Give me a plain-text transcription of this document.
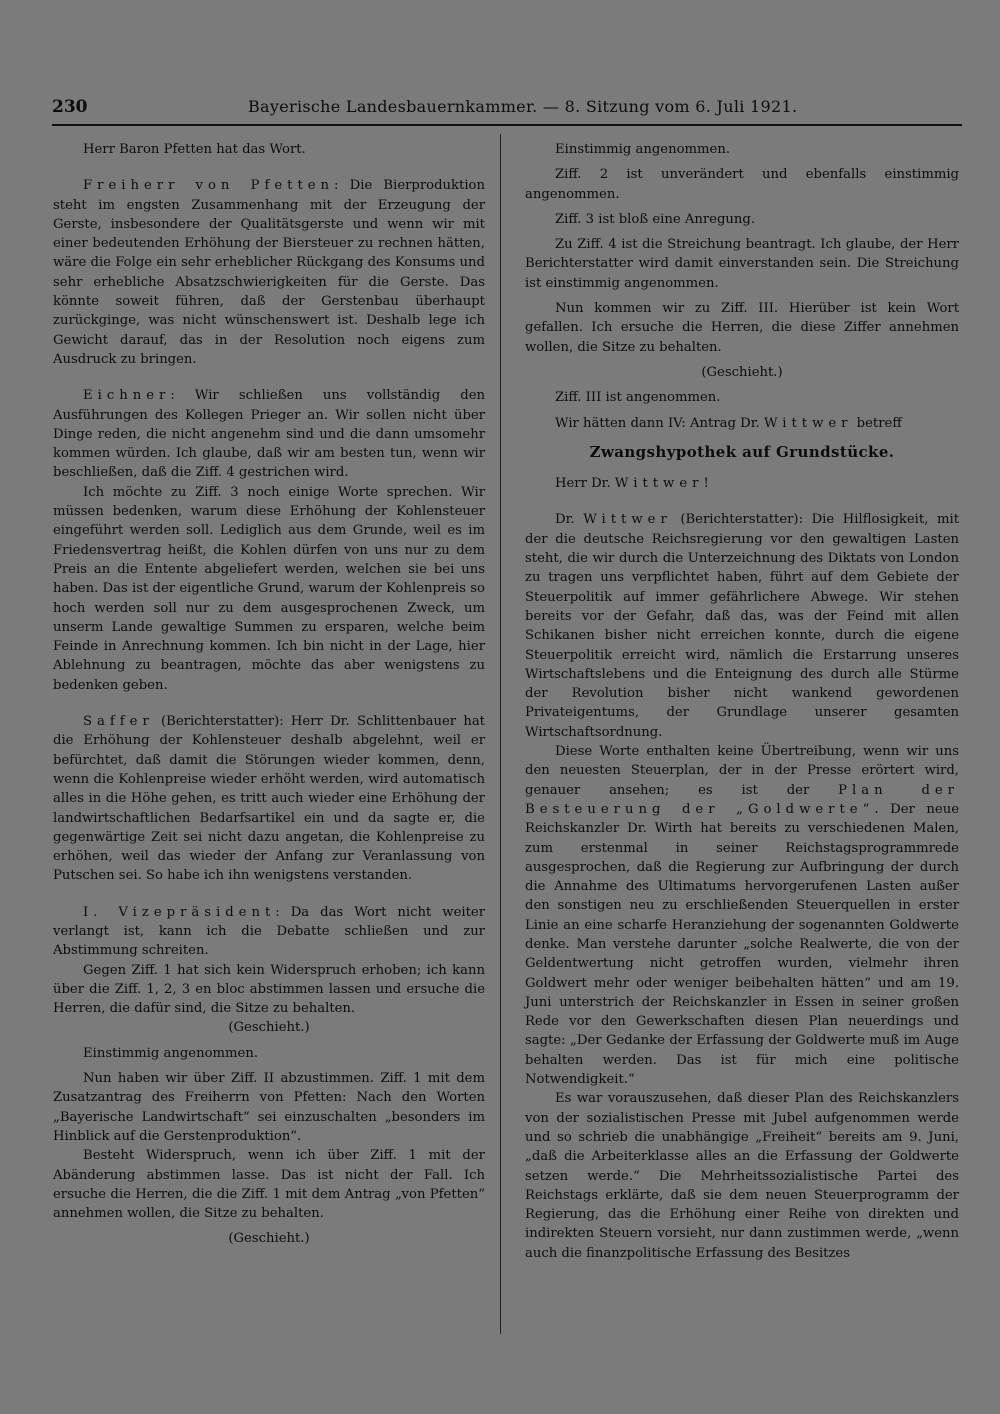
230	Bayerische Landesbauernkammer. — 8. Sitzung vom 6. Juli 1921.

Herr Baron Pfetten hat das Wort.

Freiherr von Pfetten: Die Bierproduktion steht im engsten Zusammenhang mit der Erzeugung der Gerste, insbesondere der Qualitätsgerste und wenn wir mit einer bedeutenden Erhöhung der Biersteuer zu rechnen hätten, wäre die Folge ein sehr erheblicher Rückgang des Konsums und sehr erhebliche Absatzschwierigkeiten für die Gerste. Das könnte soweit führen, daß der Gerstenbau überhaupt zurückginge, was nicht wünschenswert ist. Deshalb lege ich Gewicht darauf, das in der Resolution noch eigens zum Ausdruck zu bringen.

Eichner: Wir schließen uns vollständig den Ausführungen des Kollegen Prieger an. Wir sollen nicht über Dinge reden, die nicht angenehm sind und die dann umsomehr kommen würden. Ich glaube, daß wir am besten tun, wenn wir beschließen, daß die Ziff. 4 gestrichen wird.

Ich möchte zu Ziff. 3 noch einige Worte sprechen. Wir müssen bedenken, warum diese Erhöhung der Kohlensteuer eingeführt werden soll. Lediglich aus dem Grunde, weil es im Friedensvertrag heißt, die Kohlen dürfen von uns nur zu dem Preis an die Entente abgeliefert werden, welchen sie bei uns haben. Das ist der eigentliche Grund, warum der Kohlenpreis so hoch werden soll nur zu dem ausgesprochenen Zweck, um unserm Lande gewaltige Summen zu ersparen, welche beim Feinde in Anrechnung kommen. Ich bin nicht in der Lage, hier Ablehnung zu beantragen, möchte das aber wenigstens zu bedenken geben.

Saffer (Berichterstatter): Herr Dr. Schlittenbauer hat die Erhöhung der Kohlensteuer deshalb abgelehnt, weil er befürchtet, daß damit die Störungen wieder kommen, denn, wenn die Kohlenpreise wieder erhöht werden, wird automatisch alles in die Höhe gehen, es tritt auch wieder eine Erhöhung der landwirtschaftlichen Bedarfsartikel ein und da sagte er, die gegenwärtige Zeit sei nicht dazu angetan, die Kohlenpreise zu erhöhen, weil das wieder der Anfang zur Veranlassung von Putschen sei. So habe ich ihn wenigstens verstanden.

I. Vizepräsident: Da das Wort nicht weiter verlangt ist, kann ich die Debatte schließen und zur Abstimmung schreiten.

Gegen Ziff. 1 hat sich kein Widerspruch erhoben; ich kann über die Ziff. 1, 2, 3 en bloc abstimmen lassen und ersuche die Herren, die dafür sind, die Sitze zu behalten.

(Geschieht.)

Einstimmig angenommen.

Nun haben wir über Ziff. II abzustimmen. Ziff. 1 mit dem Zusatzantrag des Freiherrn von Pfetten: Nach den Worten „Bayerische Landwirtschaft“ sei einzuschalten „besonders im Hinblick auf die Gerstenproduktion“.

Besteht Widerspruch, wenn ich über Ziff. 1 mit der Abänderung abstimmen lasse. Das ist nicht der Fall. Ich ersuche die Herren, die die Ziff. 1 mit dem Antrag „von Pfetten“ annehmen wollen, die Sitze zu behalten.

(Geschieht.)

Einstimmig angenommen.

Ziff. 2 ist unverändert und ebenfalls einstimmig angenommen.

Ziff. 3 ist bloß eine Anregung.

Zu Ziff. 4 ist die Streichung beantragt. Ich glaube, der Herr Berichterstatter wird damit einverstanden sein. Die Streichung ist einstimmig angenommen.

Nun kommen wir zu Ziff. III. Hierüber ist kein Wort gefallen. Ich ersuche die Herren, die diese Ziffer annehmen wollen, die Sitze zu behalten.

(Geschieht.)

Ziff. III ist angenommen.

Wir hätten dann IV: Antrag Dr. Wittwer betreff

Zwangshypothek auf Grundstücke.

Herr Dr. Wittwer!

Dr. Wittwer (Berichterstatter): Die Hilflosigkeit, mit der die deutsche Reichsregierung vor den gewaltigen Lasten steht, die wir durch die Unterzeichnung des Diktats von London zu tragen uns verpflichtet haben, führt auf dem Gebiete der Steuerpolitik auf immer gefährlichere Abwege. Wir stehen bereits vor der Gefahr, daß das, was der Feind mit allen Schikanen bisher nicht erreichen konnte, durch die eigene Steuerpolitik erreicht wird, nämlich die Erstarrung unseres Wirtschaftslebens und die Enteignung des durch alle Stürme der Revolution bisher nicht wankend gewordenen Privateigentums, der Grundlage unserer gesamten Wirtschaftsordnung.

Diese Worte enthalten keine Übertreibung, wenn wir uns den neuesten Steuerplan, der in der Presse erörtert wird, genauer ansehen; es ist der Plan der Besteuerung der „Goldwerte“. Der neue Reichskanzler Dr. Wirth hat bereits zu verschiedenen Malen, zum erstenmal in seiner Reichstagsprogrammrede ausgesprochen, daß die Regierung zur Aufbringung der durch die Annahme des Ultimatums hervorgerufenen Lasten außer den sonstigen neu zu erschließenden Steuerquellen in erster Linie an eine scharfe Heranziehung der sogenannten Goldwerte denke. Man verstehe darunter „solche Realwerte, die von der Geldentwertung nicht getroffen wurden, vielmehr ihren Goldwert mehr oder weniger beibehalten hätten“ und am 19. Juni unterstrich der Reichskanzler in Essen in seiner großen Rede vor den Gewerkschaften diesen Plan neuerdings und sagte: „Der Gedanke der Erfassung der Goldwerte muß im Auge behalten werden. Das ist für mich eine politische Notwendigkeit.“

Es war vorauszusehen, daß dieser Plan des Reichskanzlers von der sozialistischen Presse mit Jubel aufgenommen werde und so schrieb die unabhängige „Freiheit“ bereits am 9. Juni, „daß die Arbeiterklasse alles an die Erfassung der Goldwerte setzen werde.“ Die Mehrheitssozialistische Partei des Reichstags erklärte, daß sie dem neuen Steuerprogramm der Regierung, das die Erhöhung einer Reihe von direkten und indirekten Steuern vorsieht, nur dann zustimmen werde, „wenn auch die finanzpolitische Erfassung des Besitzes
